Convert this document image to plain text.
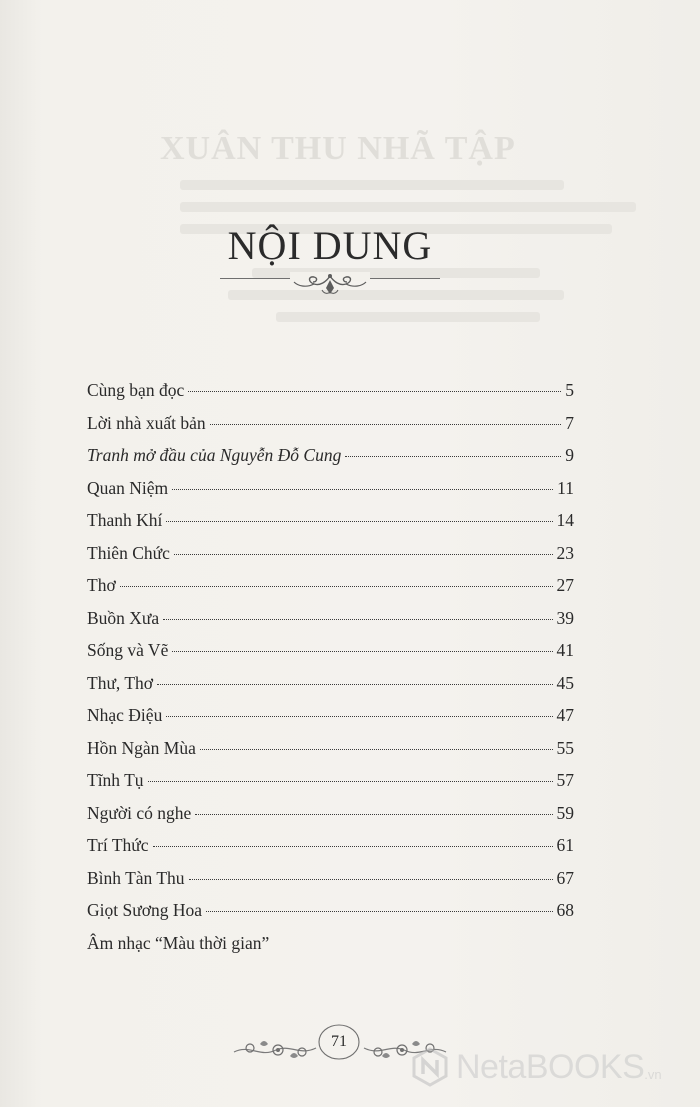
XUÂN THU NHÃ TẬP
NỘI DUNG
Cùng bạn đọc	5
Lời nhà xuất bản	7
Tranh mở đầu của Nguyễn Đỗ Cung	9
Quan Niệm	11
Thanh Khí	14
Thiên Chức	23
Thơ	27
Buồn Xưa	39
Sống và Vẽ	41
Thư, Thơ	45
Nhạc Điệu	47
Hồn Ngàn Mùa	55
Tĩnh Tụ	57
Người có nghe	59
Trí Thức	61
Bình Tàn Thu	67
Giọt Sương Hoa	68
Âm nhạc “Màu thời gian”
71
NetaBOOKS .vn
